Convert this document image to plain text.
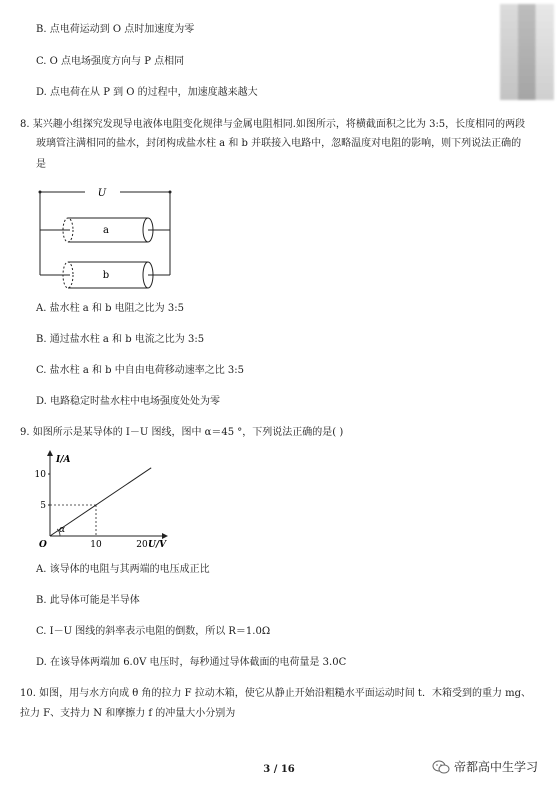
B. 点电荷运动到 O 点时加速度为零
C. O 点电场强度方向与 P 点相同
D. 点电荷在从 P 到 O 的过程中，加速度越来越大
8. 某兴趣小组探究发现导电液体电阻变化规律与金属电阻相同.如图所示，将横截面积之比为 3:5，长度相同的两段
玻璃管注满相同的盐水，封闭构成盐水柱 a 和 b 并联接入电路中，忽略温度对电阻的影响，则下列说法正确的
是
U
a
b
A. 盐水柱 a 和 b 电阻之比为 3:5
B. 通过盐水柱 a 和 b 电流之比为 3:5
C. 盐水柱 a 和 b 中自由电荷移动速率之比 3:5
D. 电路稳定时盐水柱中电场强度处处为零
9. 如图所示是某导体的 I－U 图线，图中 α＝45 °，下列说法正确的是( )
I/A
U/V
O
10
5
10	20
α
A. 该导体的电阻与其两端的电压成正比
B. 此导体可能是半导体
C. I－U 图线的斜率表示电阻的倒数，所以 R＝1.0Ω
D. 在该导体两端加 6.0V 电压时，每秒通过导体截面的电荷量是 3.0C
10. 如图，用与水方向成 θ 角的拉力 F 拉动木箱，使它从静止开始沿粗糙水平面运动时间 t．木箱受到的重力 mg、
拉力 F、支持力 N 和摩擦力 f 的冲量大小分别为
3 / 16	帝都高中生学习
